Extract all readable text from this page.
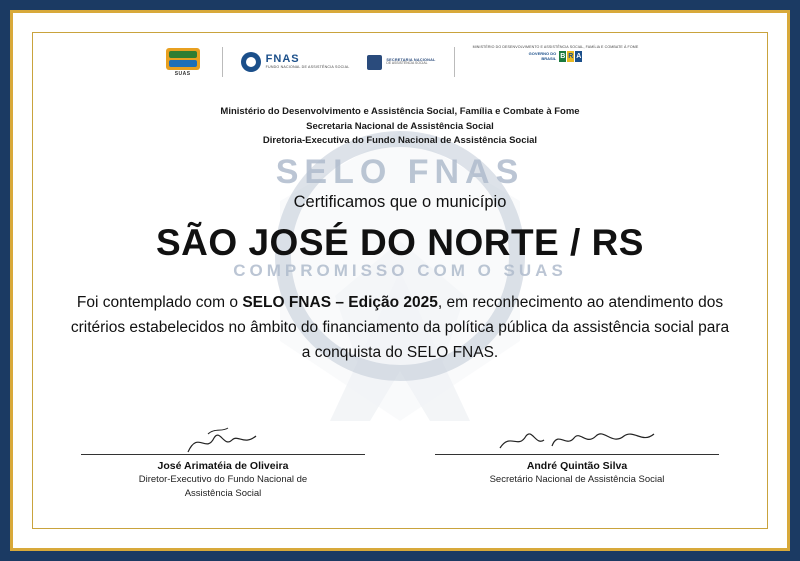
SELO FNAS
COMPROMISSO COM O SUAS
SUAS
FNAS
FUNDO NACIONAL DE ASSISTÊNCIA SOCIAL
SECRETARIA NACIONAL
DE ASSISTÊNCIA SOCIAL
MINISTÉRIO DO DESENVOLVIMENTO E ASSISTÊNCIA SOCIAL, FAMÍLIA E COMBATE À FOME
GOVERNO DO
BRASIL B R A
Ministério do Desenvolvimento e Assistência Social, Família e Combate à Fome
Secretaria Nacional de Assistência Social
Diretoria-Executiva do Fundo Nacional de Assistência Social
Certificamos que o município
SÃO JOSÉ DO NORTE / RS
Foi contemplado com o SELO FNAS – Edição 2025, em reconhecimento ao atendimento dos critérios estabelecidos no âmbito do financiamento da política pública da assistência social para a conquista do SELO FNAS.
José Arimatéia de Oliveira
Diretor-Executivo do Fundo Nacional de
Assistência Social
André Quintão Silva
Secretário Nacional de Assistência Social
